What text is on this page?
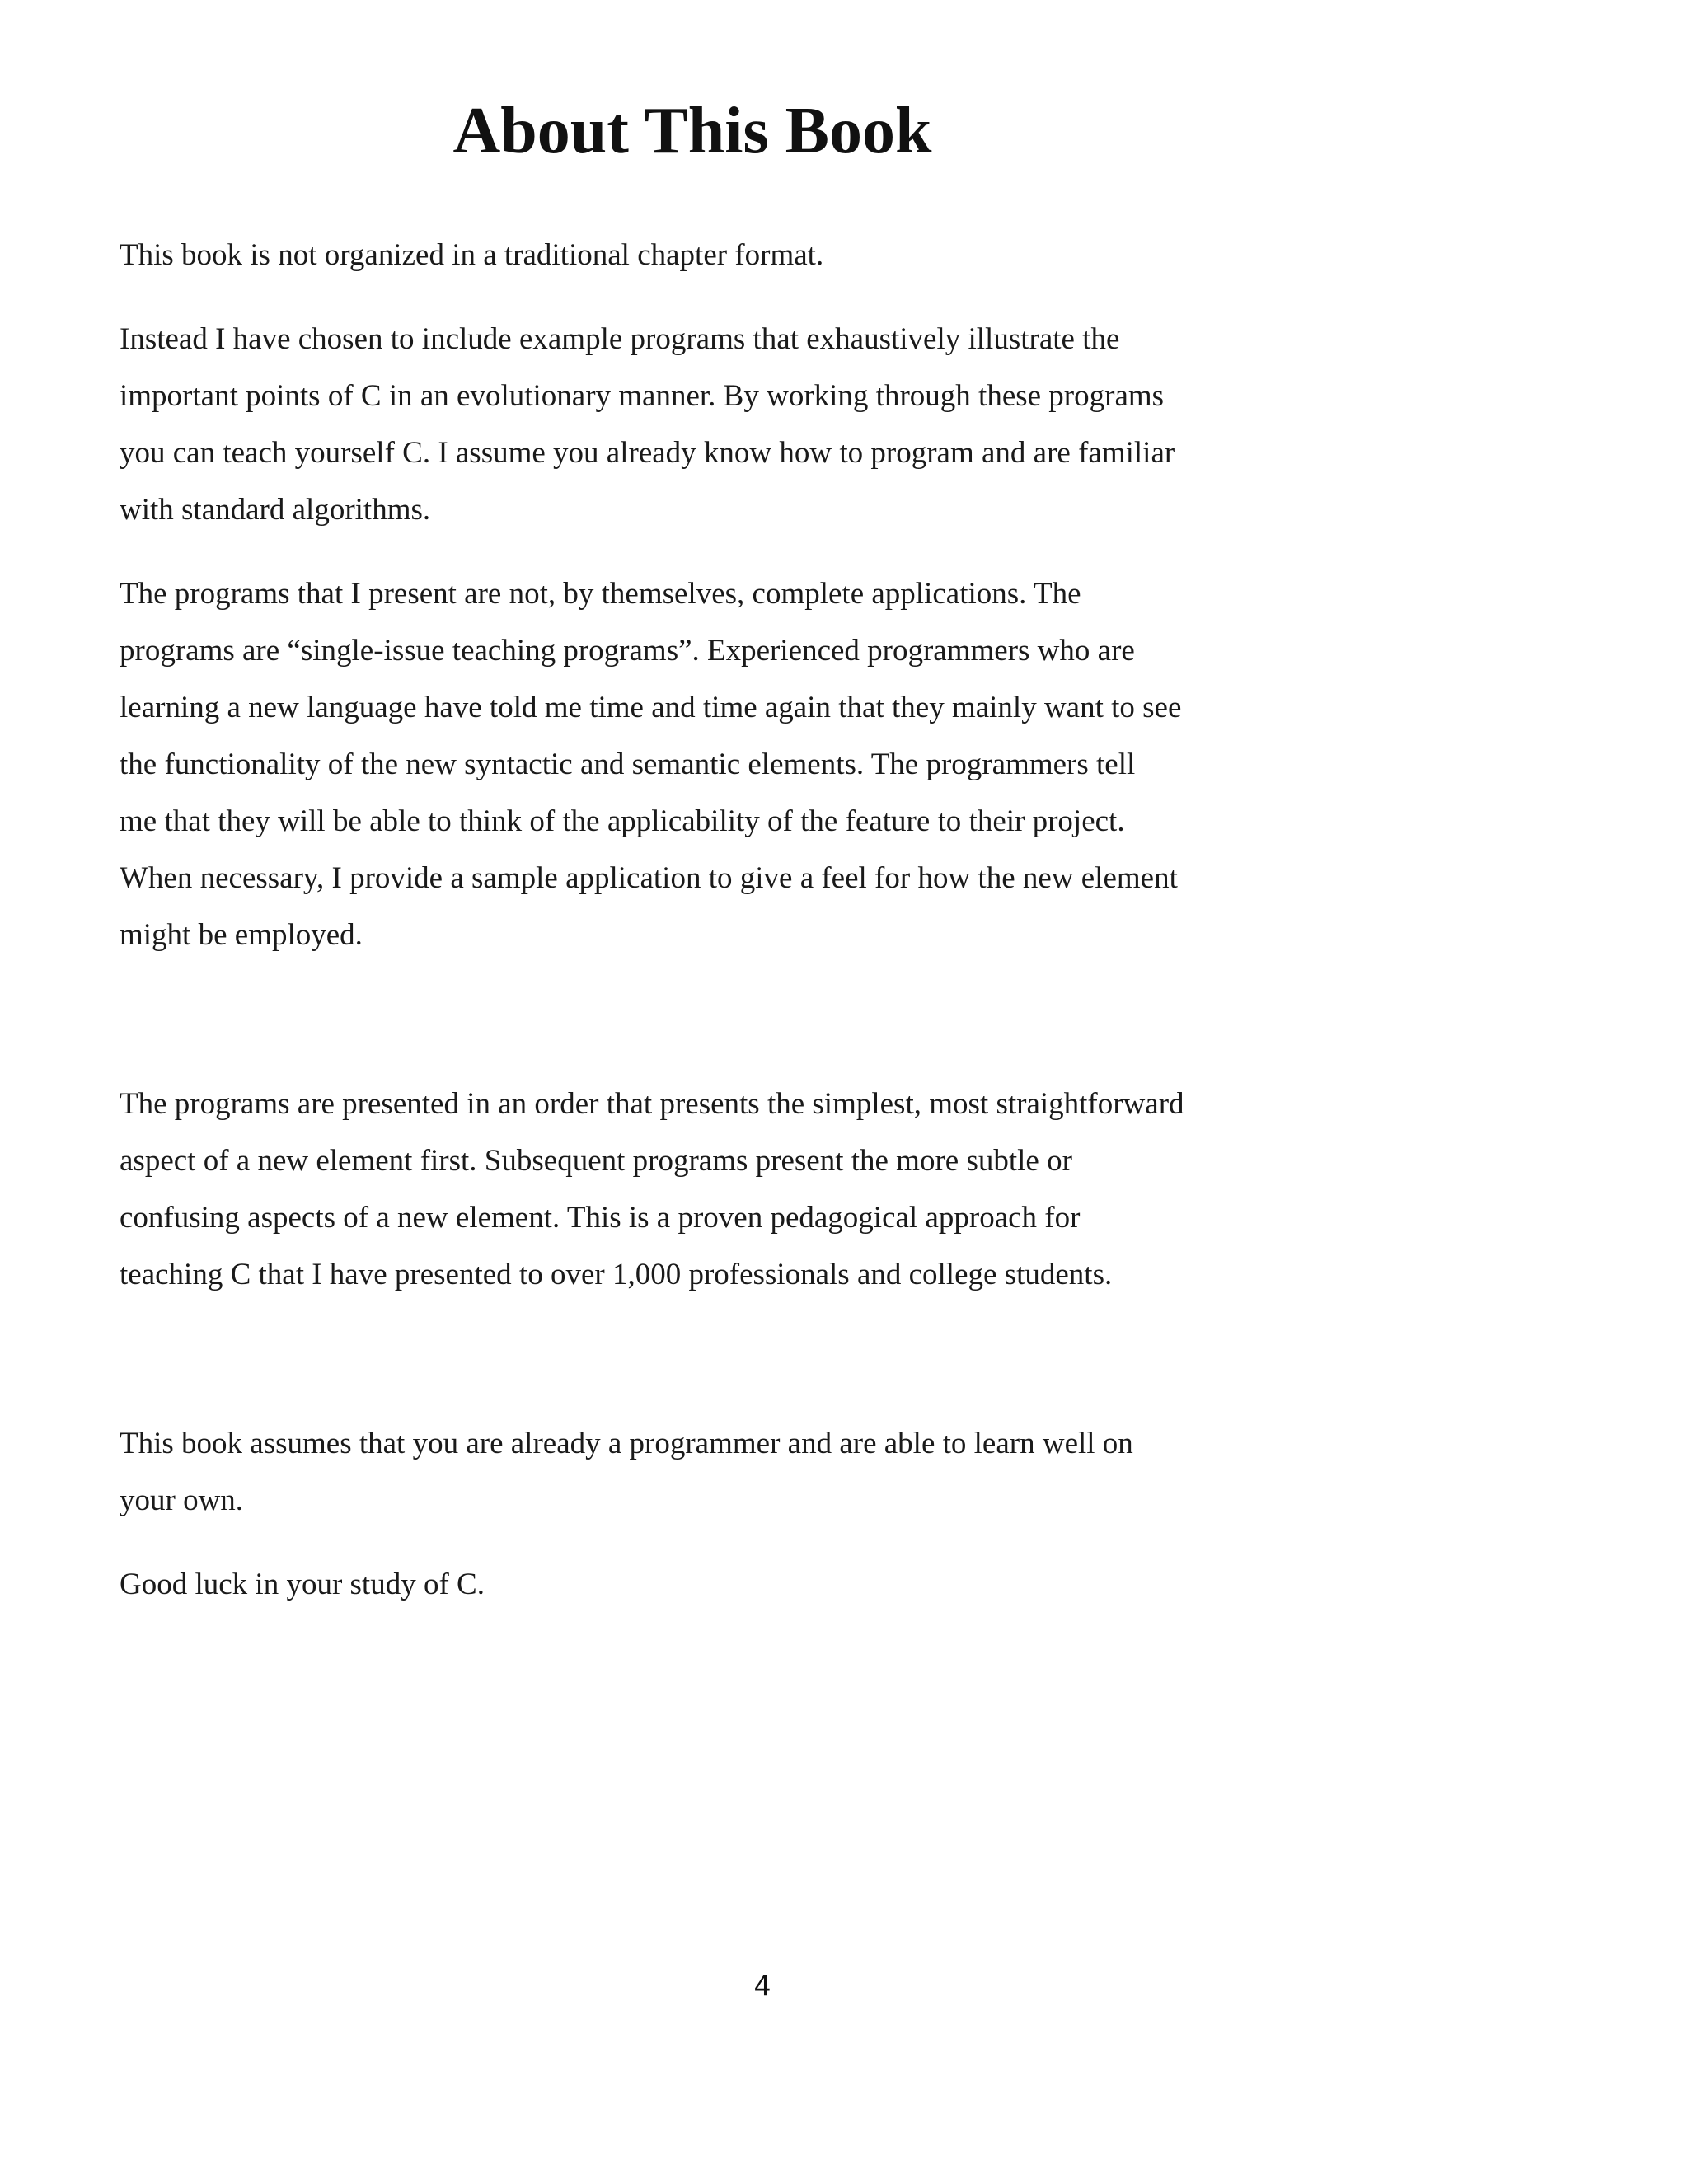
About This Book

This book is not organized in a traditional chapter format.

Instead I have chosen to include example programs that exhaustively illustrate the
important points of C in an evolutionary manner. By working through these programs
you can teach yourself C. I assume you already know how to program and are familiar
with standard algorithms.

The programs that I present are not, by themselves, complete applications. The
programs are “single-issue teaching programs”. Experienced programmers who are
learning a new language have told me time and time again that they mainly want to see
the functionality of the new syntactic and semantic elements. The programmers tell
me that they will be able to think of the applicability of the feature to their project.
When necessary, I provide a sample application to give a feel for how the new element
might be employed.

The programs are presented in an order that presents the simplest, most straightforward
aspect of a new element first. Subsequent programs present the more subtle or
confusing aspects of a new element. This is a proven pedagogical approach for
teaching C that I have presented to over 1,000 professionals and college students.

This book assumes that you are already a programmer and are able to learn well on
your own.

Good luck in your study of C.

4
